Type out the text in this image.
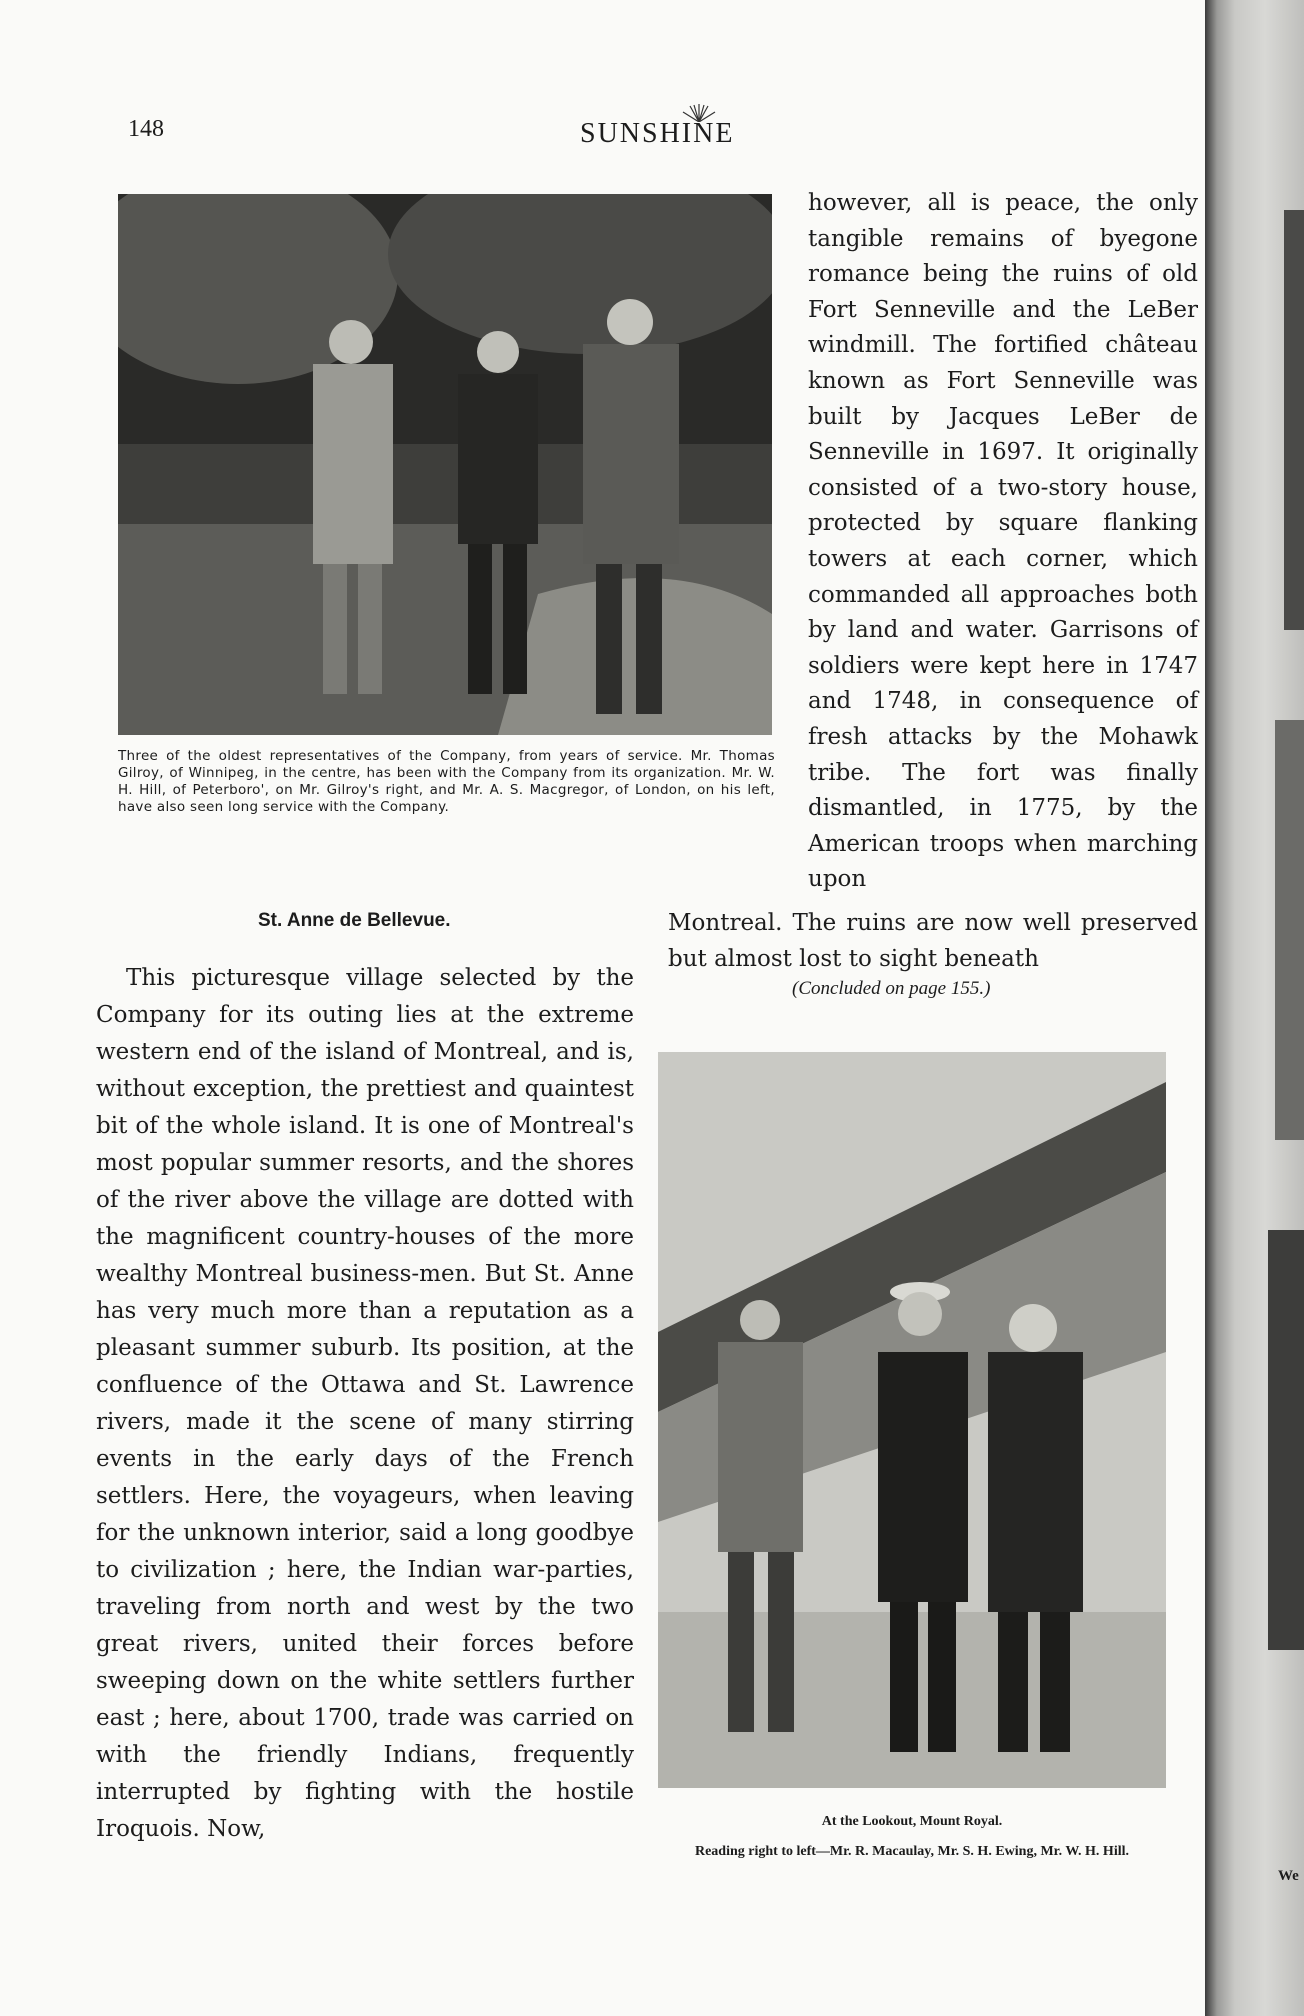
We
148	SUNSHINE
Three of the oldest representatives of the Company, from years of service. Mr. Thomas Gilroy, of Winnipeg, in the centre, has been with the Company from its organization. Mr. W. H. Hill, of Peterboro', on Mr. Gilroy's right, and Mr. A. S. Macgregor, of London, on his left, have also seen long service with the Company.

however, all is peace, the only tangible remains of byegone romance being the ruins of old Fort Senneville and the LeBer windmill. The fortified château known as Fort Senneville was built by Jacques LeBer de Senneville in 1697. It originally consisted of a two-story house, protected by square flanking towers at each corner, which commanded all approaches both by land and water. Garrisons of soldiers were kept here in 1747 and 1748, in consequence of fresh attacks by the Mohawk tribe. The fort was finally dismantled, in 1775, by the American troops when marching upon

Montreal. The ruins are now well preserved but almost lost to sight beneath

(Concluded on page 155.)
St. Anne de Bellevue.

This picturesque village selected by the Company for its outing lies at the extreme western end of the island of Montreal, and is, without exception, the prettiest and quaintest bit of the whole island. It is one of Montreal's most popular summer resorts, and the shores of the river above the village are dotted with the magnificent country-houses of the more wealthy Montreal business-men. But St. Anne has very much more than a reputation as a pleasant summer suburb. Its position, at the confluence of the Ottawa and St. Lawrence rivers, made it the scene of many stirring events in the early days of the French settlers. Here, the voyageurs, when leaving for the unknown interior, said a long goodbye to civilization ; here, the Indian war-parties, traveling from north and west by the two great rivers, united their forces before sweeping down on the white settlers further east ; here, about 1700, trade was carried on with the friendly Indians, frequently interrupted by fighting with the hostile Iroquois. Now,	At the Lookout, Mount Royal.
Reading right to left—Mr. R. Macaulay, Mr. S. H. Ewing, Mr. W. H. Hill.
